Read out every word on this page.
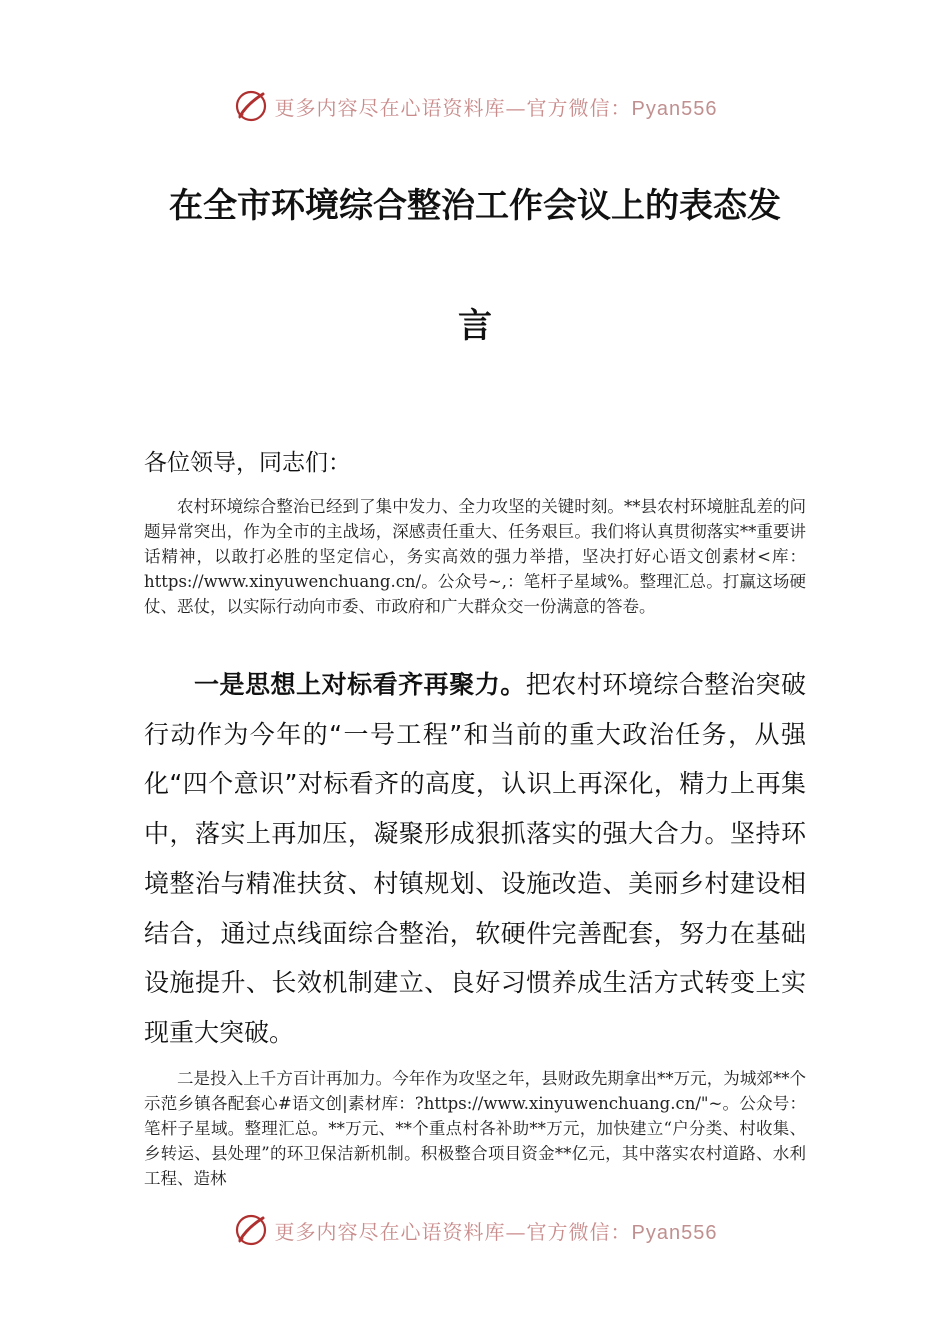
更多内容尽在心语资料库—官方微信：Pyan556
在全市环境综合整治工作会议上的表态发
言
各位领导，同志们：

农村环境综合整治已经到了集中发力、全力攻坚的关键时刻。**县农村环境脏乱差的问题异常突出，作为全市的主战场，深感责任重大、任务艰巨。我们将认真贯彻落实**重要讲话精神，以敢打必胜的坚定信心，务实高效的强力举措，坚决打好心语文创素材<库：https://www.xinyuwenchuang.cn/。公众号~,：笔杆子星域%。整理汇总。打赢这场硬仗、恶仗，以实际行动向市委、市政府和广大群众交一份满意的答卷。

一是思想上对标看齐再聚力。把农村环境综合整治突破行动作为今年的“一号工程”和当前的重大政治任务，从强化“四个意识”对标看齐的高度，认识上再深化，精力上再集中，落实上再加压，凝聚形成狠抓落实的强大合力。坚持环境整治与精准扶贫、村镇规划、设施改造、美丽乡村建设相结合，通过点线面综合整治，软硬件完善配套，努力在基础设施提升、长效机制建立、良好习惯养成生活方式转变上实现重大突破。

二是投入上千方百计再加力。今年作为攻坚之年，县财政先期拿出**万元，为城郊**个示范乡镇各配套心#语文创|素材库：?https://www.xinyuwenchuang.cn/"~。公众号：笔杆子星域。整理汇总。**万元、**个重点村各补助**万元，加快建立“户分类、村收集、乡转运、县处理”的环卫保洁新机制。积极整合项目资金**亿元，其中落实农村道路、水利工程、造林

更多内容尽在心语资料库—官方微信：Pyan556
